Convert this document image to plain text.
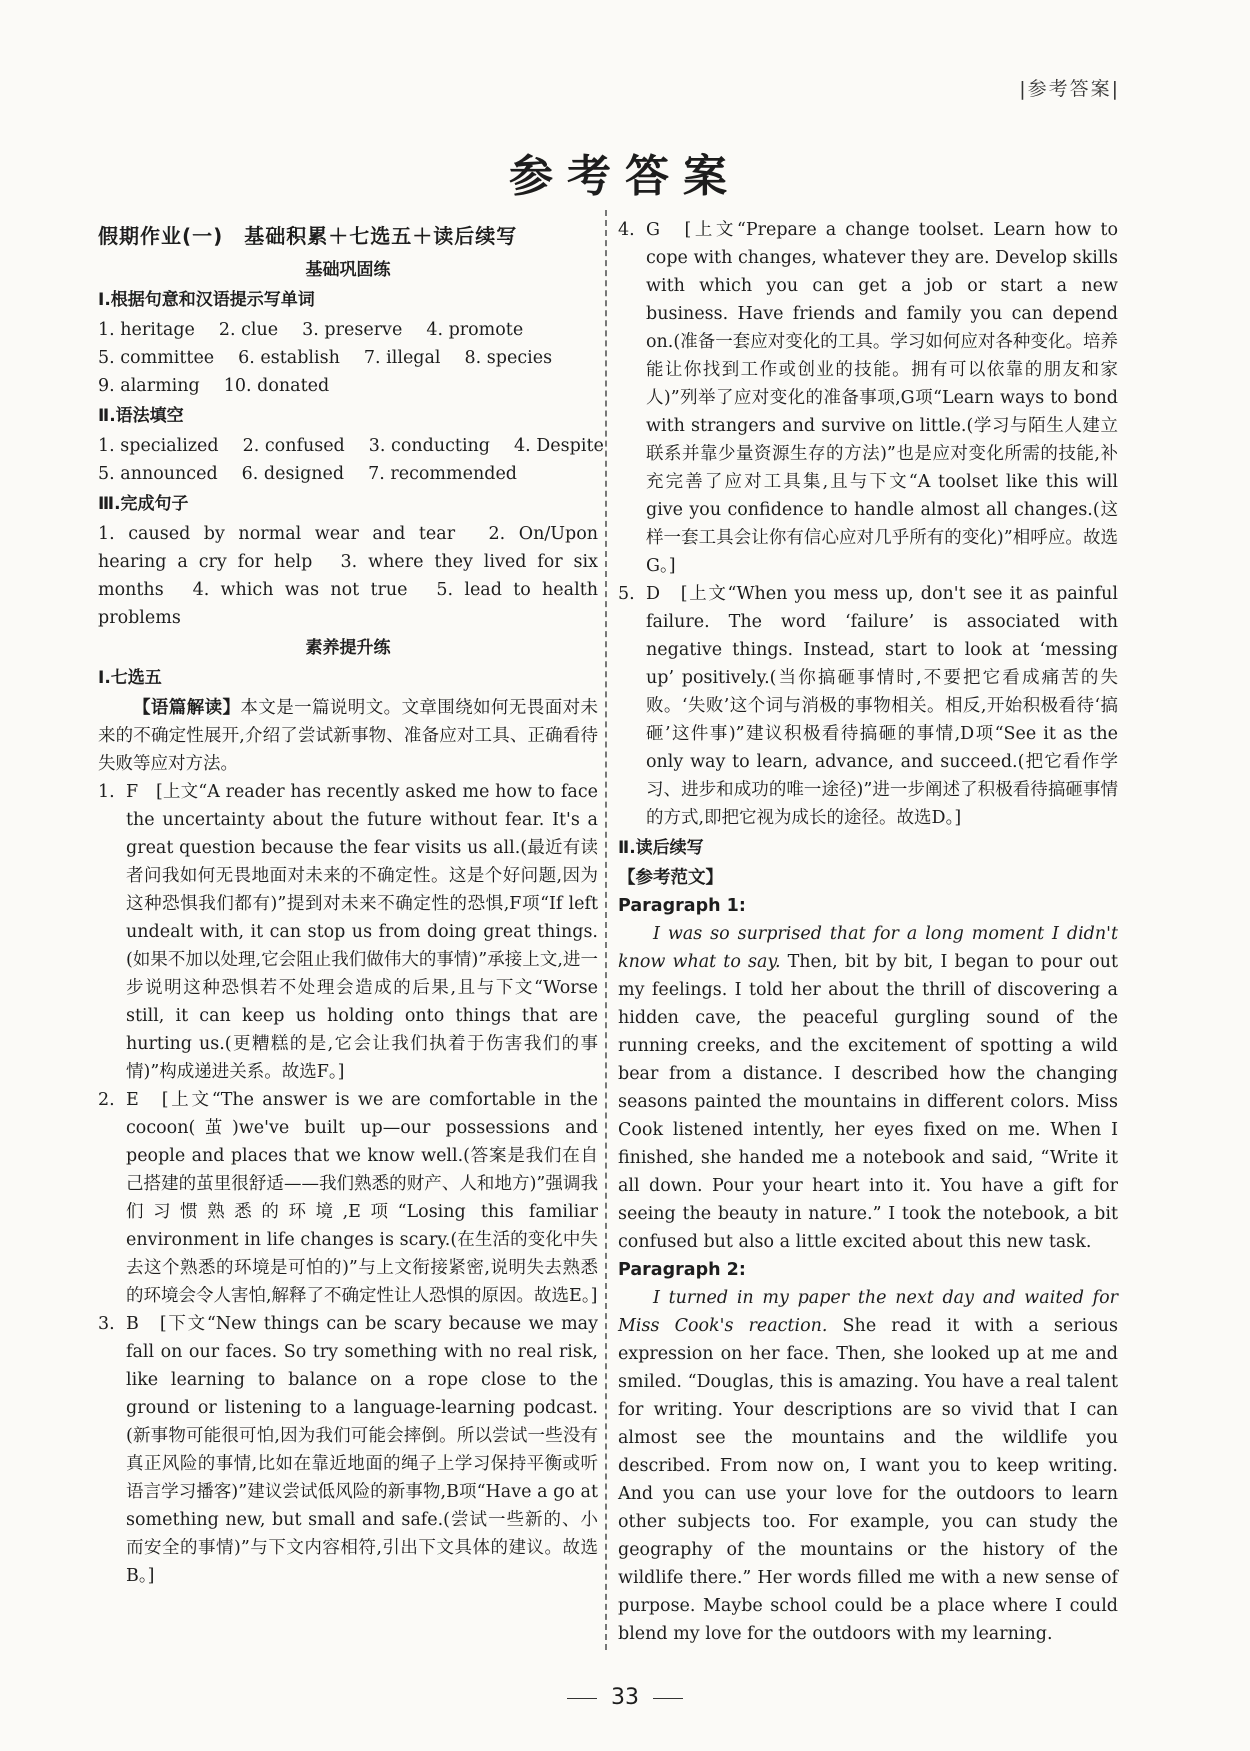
|参考答案|
参考答案
假期作业(一)　基础积累＋七选五＋读后续写
基础巩固练
Ⅰ.根据句意和汉语提示写单词
1. heritage 2. clue 3. preserve 4. promote
5. committee 6. establish 7. illegal 8. species
9. alarming 10. donated
Ⅱ.语法填空
1. specialized 2. confused 3. conducting 4. Despite
5. announced 6. designed 7. recommended
Ⅲ.完成句子

1. caused by normal wear and tear　2. On/Upon hearing a cry for help　3. where they lived for six months　4. which was not true　5. lead to health problems

素养提升练
Ⅰ.七选五

【语篇解读】本文是一篇说明文。文章围绕如何无畏面对未来的不确定性展开,介绍了尝试新事物、准备应对工具、正确看待失败等应对方法。

1. F　[上文“A reader has recently asked me how to face the uncertainty about the future without fear. It's a great question because the fear visits us all.(最近有读者问我如何无畏地面对未来的不确定性。这是个好问题,因为这种恐惧我们都有)”提到对未来不确定性的恐惧,F项“If left undealt with, it can stop us from doing great things.(如果不加以处理,它会阻止我们做伟大的事情)”承接上文,进一步说明这种恐惧若不处理会造成的后果,且与下文“Worse still, it can keep us holding onto things that are hurting us.(更糟糕的是,它会让我们执着于伤害我们的事情)”构成递进关系。故选F。]
2. E　[上文“The answer is we are comfortable in the cocoon(茧)we've built up—our possessions and people and places that we know well.(答案是我们在自己搭建的茧里很舒适——我们熟悉的财产、人和地方)”强调我们习惯熟悉的环境,E项“Losing this familiar environment in life changes is scary.(在生活的变化中失去这个熟悉的环境是可怕的)”与上文衔接紧密,说明失去熟悉的环境会令人害怕,解释了不确定性让人恐惧的原因。故选E。]
3. B　[下文“New things can be scary because we may fall on our faces. So try something with no real risk, like learning to balance on a rope close to the ground or listening to a language-learning podcast.(新事物可能很可怕,因为我们可能会摔倒。所以尝试一些没有真正风险的事情,比如在靠近地面的绳子上学习保持平衡或听语言学习播客)”建议尝试低风险的新事物,B项“Have a go at something new, but small and safe.(尝试一些新的、小而安全的事情)”与下文内容相符,引出下文具体的建议。故选B。]
4. G　[上文“Prepare a change toolset. Learn how to cope with changes, whatever they are. Develop skills with which you can get a job or start a new business. Have friends and family you can depend on.(准备一套应对变化的工具。学习如何应对各种变化。培养能让你找到工作或创业的技能。拥有可以依靠的朋友和家人)”列举了应对变化的准备事项,G项“Learn ways to bond with strangers and survive on little.(学习与陌生人建立联系并靠少量资源生存的方法)”也是应对变化所需的技能,补充完善了应对工具集,且与下文“A toolset like this will give you confidence to handle almost all changes.(这样一套工具会让你有信心应对几乎所有的变化)”相呼应。故选G。]
5. D　[上文“When you mess up, don't see it as painful failure. The word ‘failure’ is associated with negative things. Instead, start to look at ‘messing up’ positively.(当你搞砸事情时,不要把它看成痛苦的失败。‘失败’这个词与消极的事物相关。相反,开始积极看待‘搞砸’这件事)”建议积极看待搞砸的事情,D项“See it as the only way to learn, advance, and succeed.(把它看作学习、进步和成功的唯一途径)”进一步阐述了积极看待搞砸事情的方式,即把它视为成长的途径。故选D。]
Ⅱ.读后续写
【参考范文】
Paragraph 1:

I was so surprised that for a long moment I didn't know what to say. Then, bit by bit, I began to pour out my feelings. I told her about the thrill of discovering a hidden cave, the peaceful gurgling sound of the running creeks, and the excitement of spotting a wild bear from a distance. I described how the changing seasons painted the mountains in different colors. Miss Cook listened intently, her eyes fixed on me. When I finished, she handed me a notebook and said, “Write it all down. Pour your heart into it. You have a gift for seeing the beauty in nature.” I took the notebook, a bit confused but also a little excited about this new task.

Paragraph 2:

I turned in my paper the next day and waited for Miss Cook's reaction. She read it with a serious expression on her face. Then, she looked up at me and smiled. “Douglas, this is amazing. You have a real talent for writing. Your descriptions are so vivid that I can almost see the mountains and the wildlife you described. From now on, I want you to keep writing. And you can use your love for the outdoors to learn other subjects too. For example, you can study the geography of the mountains or the history of the wildlife there.” Her words filled me with a new sense of purpose. Maybe school could be a place where I could blend my love for the outdoors with my learning.

33
